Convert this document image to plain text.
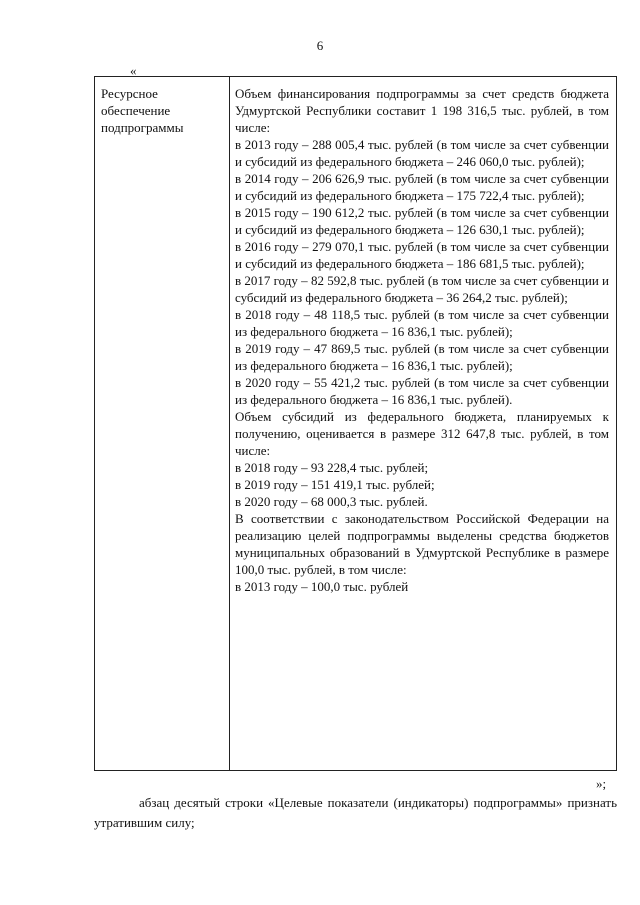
6
«
Ресурсное
обеспечение
подпрограммы

Объем финансирования подпрограммы за счет средств бюджета Удмуртской Республики составит 1 198 316,5 тыс. рублей, в том числе:

в 2013 году – 288 005,4 тыс. рублей (в том числе за счет субвенции и субсидий из федерального бюджета – 246 060,0 тыс. рублей);

в 2014 году – 206 626,9 тыс. рублей (в том числе за счет субвенции и субсидий из федерального бюджета – 175 722,4 тыс. рублей);

в 2015 году – 190 612,2 тыс. рублей (в том числе за счет субвенции и субсидий из федерального бюджета – 126 630,1 тыс. рублей);

в 2016 году – 279 070,1 тыс. рублей (в том числе за счет субвенции и субсидий из федерального бюджета – 186 681,5 тыс. рублей);

в 2017 году – 82 592,8 тыс. рублей (в том числе за счет субвенции и субсидий из федерального бюджета – 36 264,2 тыс. рублей);

в 2018 году – 48 118,5 тыс. рублей (в том числе за счет субвенции из федерального бюджета – 16 836,1 тыс. рублей);

в 2019 году – 47 869,5 тыс. рублей (в том числе за счет субвенции из федерального бюджета – 16 836,1 тыс. рублей);

в 2020 году – 55 421,2 тыс. рублей (в том числе за счет субвенции из федерального бюджета – 16 836,1 тыс. рублей).

Объем субсидий из федерального бюджета, планируемых к получению, оценивается в размере 312 647,8 тыс. рублей, в том числе:

в 2018 году – 93 228,4 тыс. рублей;

в 2019 году – 151 419,1 тыс. рублей;

в 2020 году – 68 000,3 тыс. рублей.

В соответствии с законодательством Российской Федерации на реализацию целей подпрограммы выделены средства бюджетов муниципальных образований в Удмуртской Республике в размере 100,0 тыс. рублей, в том числе:

в 2013 году – 100,0 тыс. рублей

»;

абзац десятый строки «Целевые показатели (индикаторы) подпрограммы» признать утратившим силу;
